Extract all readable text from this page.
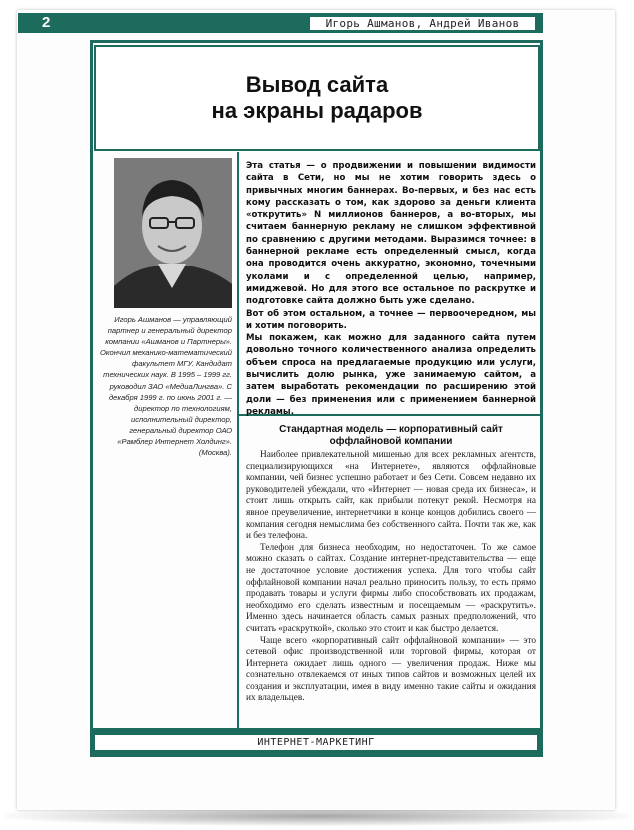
2	Игорь Ашманов, Андрей Иванов
Вывод сайта
на экраны радаров
Игорь Ашманов — управляющий партнер и генеральный директор компании «Ашманов и Партнеры». Окончил механико-математический факультет МГУ. Кандидат технических наук. В 1995 – 1999 гг. руководил ЗАО «МедиаЛингва». С декабря 1999 г. по июнь 2001 г. — директор по технологиям, исполнительный директор, генеральный директор ОАО «Рамблер Интернет Холдинг». (Москва).

Эта статья — о продвижении и повышении видимости сайта в Сети, но мы не хотим говорить здесь о привычных многим баннерах. Во-первых, и без нас есть кому рассказать о том, как здорово за деньги клиента «открутить» N миллионов баннеров, а во-вторых, мы считаем баннерную рекламу не слишком эффективной по сравнению с другими методами. Выразимся точнее: в баннерной рекламе есть определенный смысл, когда она проводится очень аккуратно, экономно, точечными уколами и с определенной целью, например, имиджевой. Но для этого все остальное по раскрутке и подготовке сайта должно быть уже сделано.

Вот об этом остальном, а точнее — первоочередном, мы и хотим поговорить.

Мы покажем, как можно для заданного сайта путем довольно точного количественного анализа определить объем спроса на предлагаемые продукцию или услуги, вычислить долю рынка, уже занимаемую сайтом, а затем выработать рекомендации по расширению этой доли — без применения или с применением баннерной рекламы.

Стандартная модель — корпоративный сайт оффлайновой компании

Наиболее привлекательной мишенью для всех рекламных агентств, специализирующихся «на Интернете», являются оффлайновые компании, чей бизнес успешно работает и без Сети. Совсем недавно их руководителей убеждали, что «Интернет — новая среда их бизнеса», и стоит лишь открыть сайт, как прибыли потекут рекой. Несмотря на явное преувеличение, интернетчики в конце концов добились своего — компания сегодня немыслима без собственного сайта. Почти так же, как и без телефона.

Телефон для бизнеса необходим, но недостаточен. То же самое можно сказать о сайтах. Создание интернет-представительства — еще не достаточное условие достижения успеха. Для того чтобы сайт оффлайновой компании начал реально приносить пользу, то есть прямо продавать товары и услуги фирмы либо способствовать их продажам, необходимо его сделать известным и посещаемым — «раскрутить». Именно здесь начинается область самых разных предположений, что считать «раскруткой», сколько это стоит и как быстро делается.

Чаще всего «корпоративный сайт оффлайновой компании» — это сетевой офис производственной или торговой фирмы, которая от Интернета ожидает лишь одного — увеличения продаж. Ниже мы сознательно отвлекаемся от иных типов сайтов и возможных целей их создания и эксплуатации, имея в виду именно такие сайты и ожидания их владельцев.

ИНТЕРНЕТ-МАРКЕТИНГ
